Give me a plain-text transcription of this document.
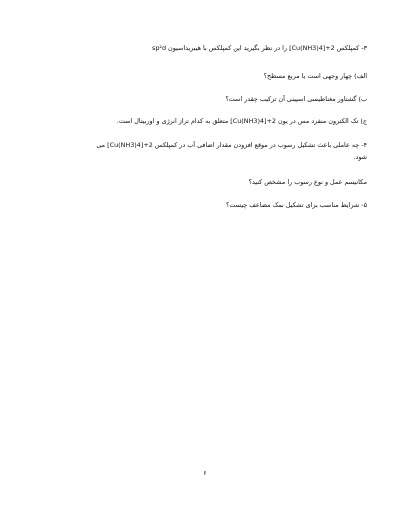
۳- کمپلکس 2+[Cu(NH3)4] را در نظر بگیرید این کمپلکس با هیبریداسیون sp²d
الف) چهار وجهی است یا مربع مسطح؟
ب) گشتاور مغناطیسی اسپینی آن ترکیب چقدر است؟
ج) تک الکترون منفرد مس در یون 2+[Cu(NH3)4] متعلق به کدام تراز انرژی و اوربیتال است.
۴- چه عاملی باعث تشکیل رسوب در موقع افزودن مقدار اضافی آب در کمپلکس 2+[Cu(NH3)4] می
شود.
مکانیسم عمل و نوع رسوب را مشخص کنید؟
۵- شرایط مناسب برای تشکیل نمک مضاعف چیست؟
۶
